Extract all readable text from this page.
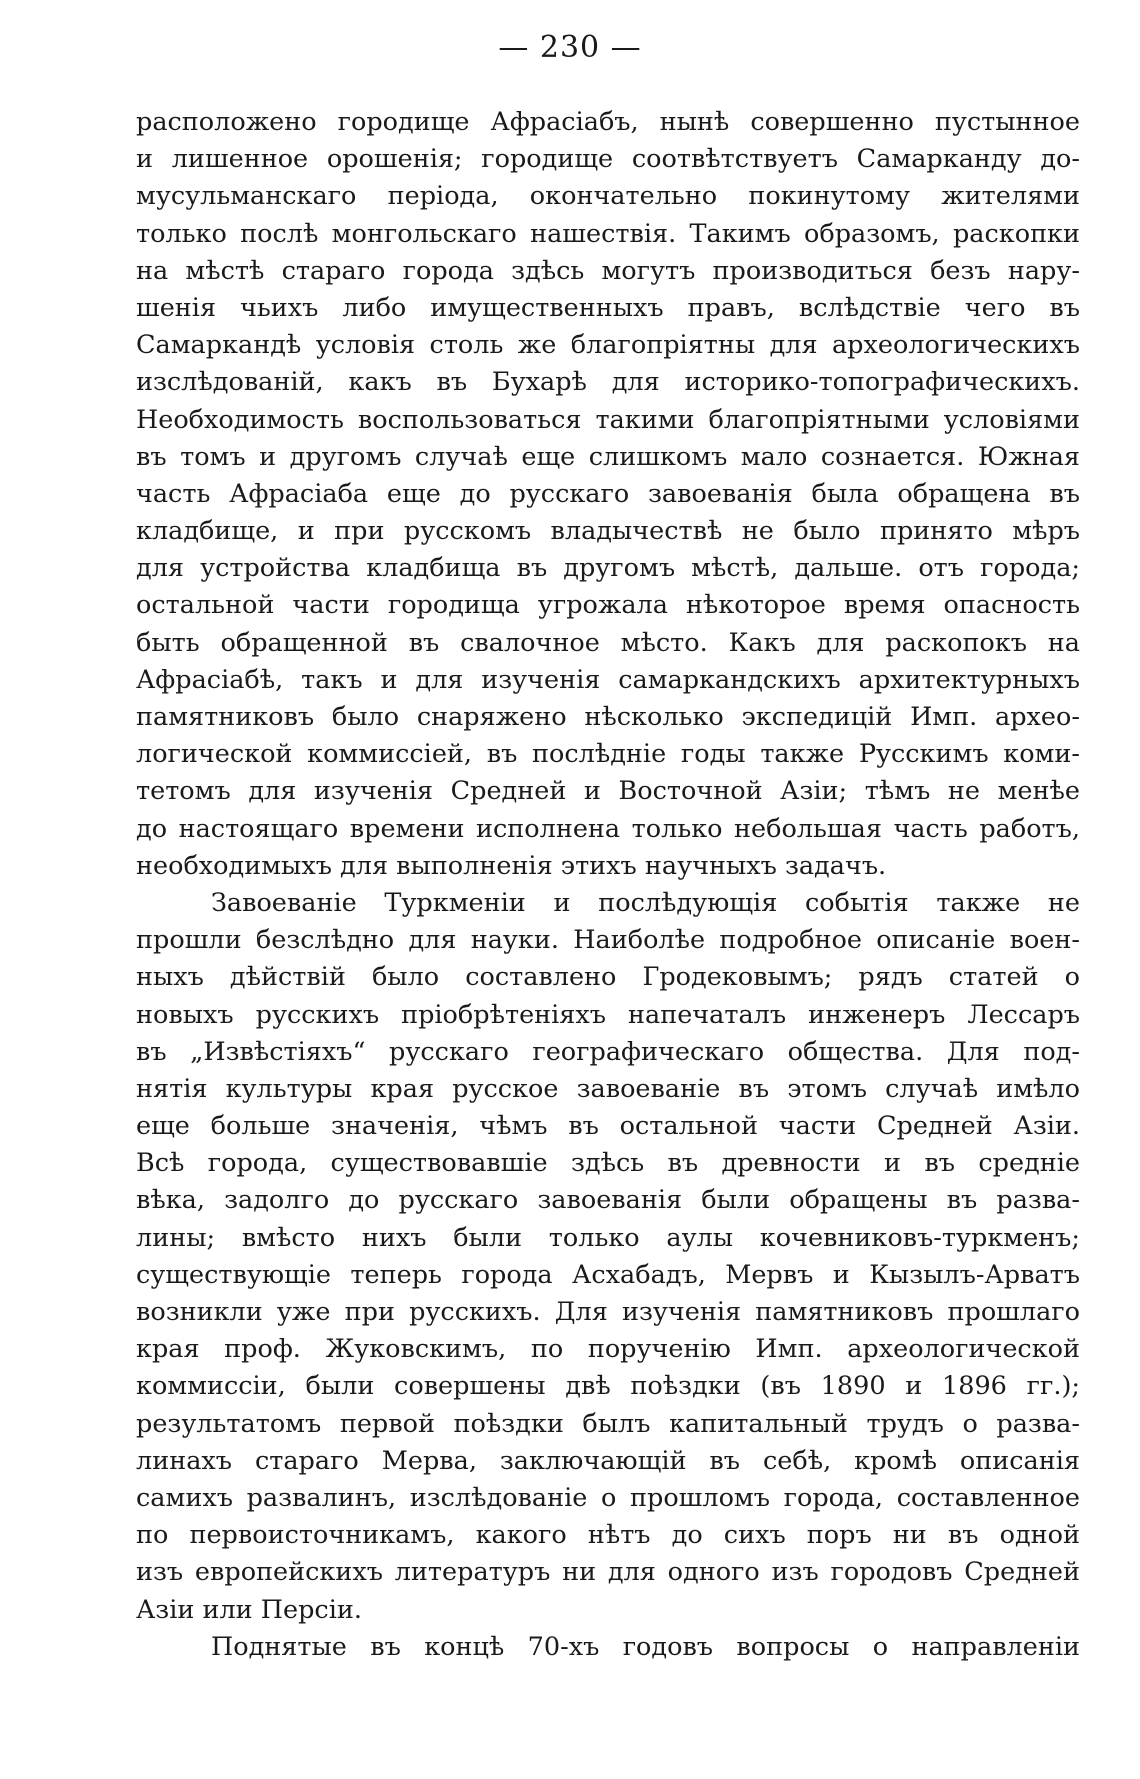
— 230 —
расположено городище Афрасiабъ, нынѣ совершенно пустынное
и лишенное орошенiя; городище соотвѣтствуетъ Самарканду до-
мусульманскаго перiода, окончательно покинутому жителями
только послѣ монгольскаго нашествiя. Такимъ образомъ, раскопки
на мѣстѣ стараго города здѣсь могутъ производиться безъ нару-
шенiя чьихъ либо имущественныхъ правъ, вслѣдствiе чего въ
Самаркандѣ условiя столь же благопрiятны для археологическихъ
изслѣдованiй, какъ въ Бухарѣ для историко-топографическихъ.
Необходимость воспользоваться такими благопрiятными условiями
въ томъ и другомъ случаѣ еще слишкомъ мало сознается. Южная
часть Афрасiаба еще до русскаго завоеванiя была обращена въ
кладбище, и при русскомъ владычествѣ не было принято мѣръ
для устройства кладбища въ другомъ мѣстѣ, дальше. отъ города;
остальной части городища угрожала нѣкоторое время опасность
быть обращенной въ свалочное мѣсто. Какъ для раскопокъ на
Афрасiабѣ, такъ и для изученiя самаркандскихъ архитектурныхъ
памятниковъ было снаряжено нѣсколько экспедицiй Имп. архео-
логической коммиссiей, въ послѣднiе годы также Русскимъ коми-
тетомъ для изученiя Средней и Восточной Азiи; тѣмъ не менѣе
до настоящаго времени исполнена только небольшая часть работъ,
необходимыхъ для выполненiя этихъ научныхъ задачъ.
Завоеванiе Туркменiи и послѣдующiя событiя также не
прошли безслѣдно для науки. Наиболѣе подробное описанiе воен-
ныхъ дѣйствiй было составлено Гродековымъ; рядъ статей о
новыхъ русскихъ прiобрѣтенiяхъ напечаталъ инженеръ Лессаръ
въ „Извѣстiяхъ“ русскаго географическаго общества. Для под-
нятiя культуры края русское завоеванiе въ этомъ случаѣ имѣло
еще больше значенiя, чѣмъ въ остальной части Средней Азiи.
Всѣ города, существовавшiе здѣсь въ древности и въ среднiе
вѣка, задолго до русскаго завоеванiя были обращены въ разва-
лины; вмѣсто нихъ были только аулы кочевниковъ-туркменъ;
существующiе теперь города Асхабадъ, Мервъ и Кызылъ-Арватъ
возникли уже при русскихъ. Для изученiя памятниковъ прошлаго
края проф. Жуковскимъ, по порученiю Имп. археологической
коммиссiи, были совершены двѣ поѣздки (въ 1890 и 1896 гг.);
результатомъ первой поѣздки былъ капитальный трудъ о разва-
линахъ стараго Мерва, заключающiй въ себѣ, кромѣ описанiя
самихъ развалинъ, изслѣдованiе о прошломъ города, составленное
по первоисточникамъ, какого нѣтъ до сихъ поръ ни въ одной
изъ европейскихъ литературъ ни для одного изъ городовъ Средней
Азiи или Персiи.
Поднятые въ концѣ 70-хъ годовъ вопросы о направленiи
